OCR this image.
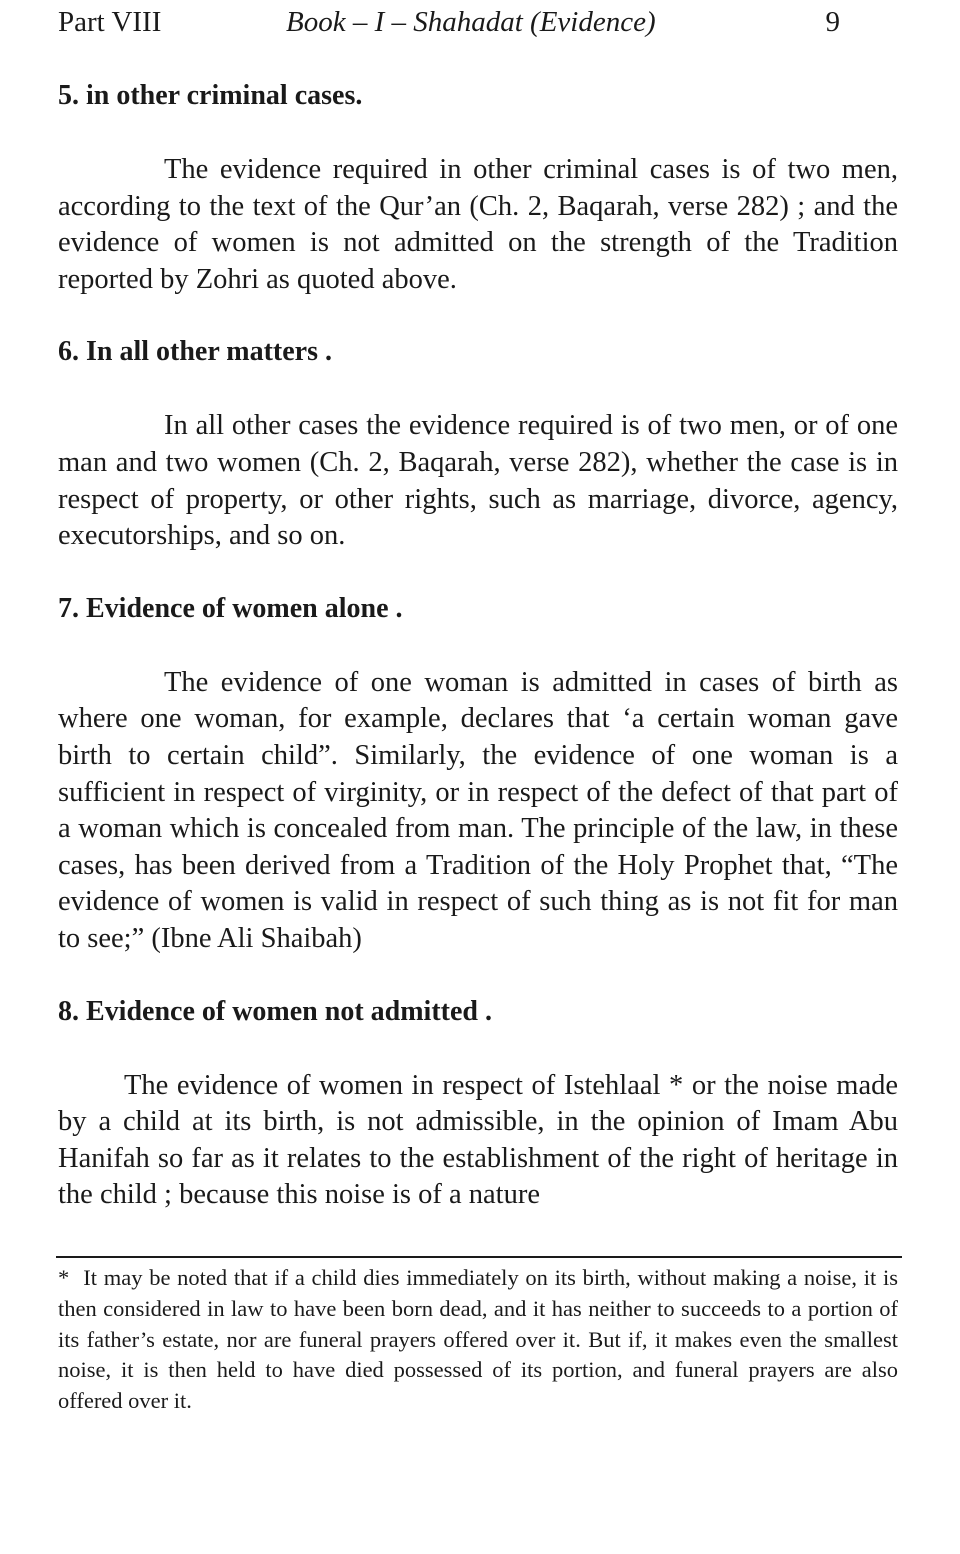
Part VIII	Book – I – Shahadat (Evidence)	9

5. in other criminal cases.

The evidence required in other criminal cases is of two men, according to the text of the Qur’an (Ch. 2, Baqarah, verse 282) ; and the evidence of women is not admitted on the strength of the Tradition reported by Zohri as quoted above.

6. In all other matters .

In all other cases the evidence required is of two men, or of one man and two women (Ch. 2, Baqarah, verse 282), whether the case is in respect of property, or other rights, such as marriage, divorce, agency, executorships, and so on.

7. Evidence of women alone .

The evidence of one woman is admitted in cases of birth as where one woman, for example, declares that ‘a certain woman gave birth to certain child”. Similarly, the evidence of one woman is a sufficient in respect of virginity, or in respect of the defect of that part of a woman which is concealed from man. The principle of the law, in these cases, has been derived from a Tradition of the Holy Prophet that, “The evidence of women is valid in respect of such thing as is not fit for man to see;” (Ibne Ali Shaibah)

8. Evidence of women not admitted .

The evidence of women in respect of Istehlaal * or the noise made by a child at its birth, is not admissible, in the opinion of Imam Abu Hanifah so far as it relates to the establishment of the right of heritage in the child ; because this noise is of a nature

* It may be noted that if a child dies immediately on its birth, without making a noise, it is then considered in law to have been born dead, and it has neither to succeeds to a portion of its father’s estate, nor are funeral prayers offered over it. But if, it makes even the smallest noise, it is then held to have died possessed of its portion, and funeral prayers are also offered over it.
